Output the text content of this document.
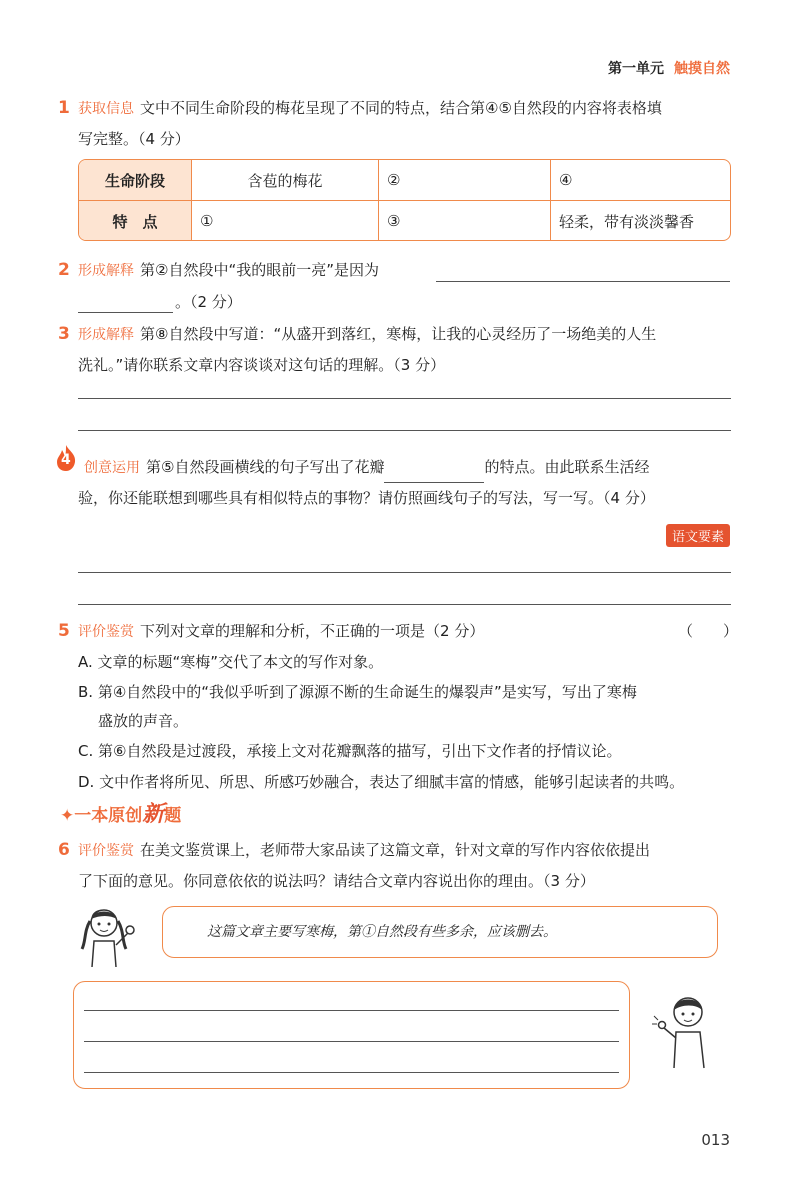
第一单元 触摸自然
1 获取信息 文中不同生命阶段的梅花呈现了不同的特点，结合第④⑤自然段的内容将表格填
写完整。（4 分）
生命阶段	含苞的梅花	②	④
特　点	①	③	轻柔，带有淡淡馨香
2 形成解释 第②自然段中“我的眼前一亮”是因为
。（2 分）
3 形成解释 第⑧自然段中写道：“从盛开到落红，寒梅，让我的心灵经历了一场绝美的人生
洗礼。”请你联系文章内容谈谈对这句话的理解。（3 分）
4 创意运用 第⑤自然段画横线的句子写出了花瓣	的特点。由此联系生活经
验，你还能联想到哪些具有相似特点的事物？请仿照画线句子的写法，写一写。（4 分）
语文要素
5 评价鉴赏 下列对文章的理解和分析，不正确的一项是（2 分）	（　　）
A. 文章的标题“寒梅”交代了本文的写作对象。
B. 第④自然段中的“我似乎听到了源源不断的生命诞生的爆裂声”是实写，写出了寒梅
盛放的声音。
C. 第⑥自然段是过渡段，承接上文对花瓣飘落的描写，引出下文作者的抒情议论。
D. 文中作者将所见、所思、所感巧妙融合，表达了细腻丰富的情感，能够引起读者的共鸣。
✦一本原创新题
6 评价鉴赏 在美文鉴赏课上，老师带大家品读了这篇文章，针对文章的写作内容依依提出
了下面的意见。你同意依依的说法吗？请结合文章内容说出你的理由。（3 分）
这篇文章主要写寒梅，第①自然段有些多余，应该删去。
013
